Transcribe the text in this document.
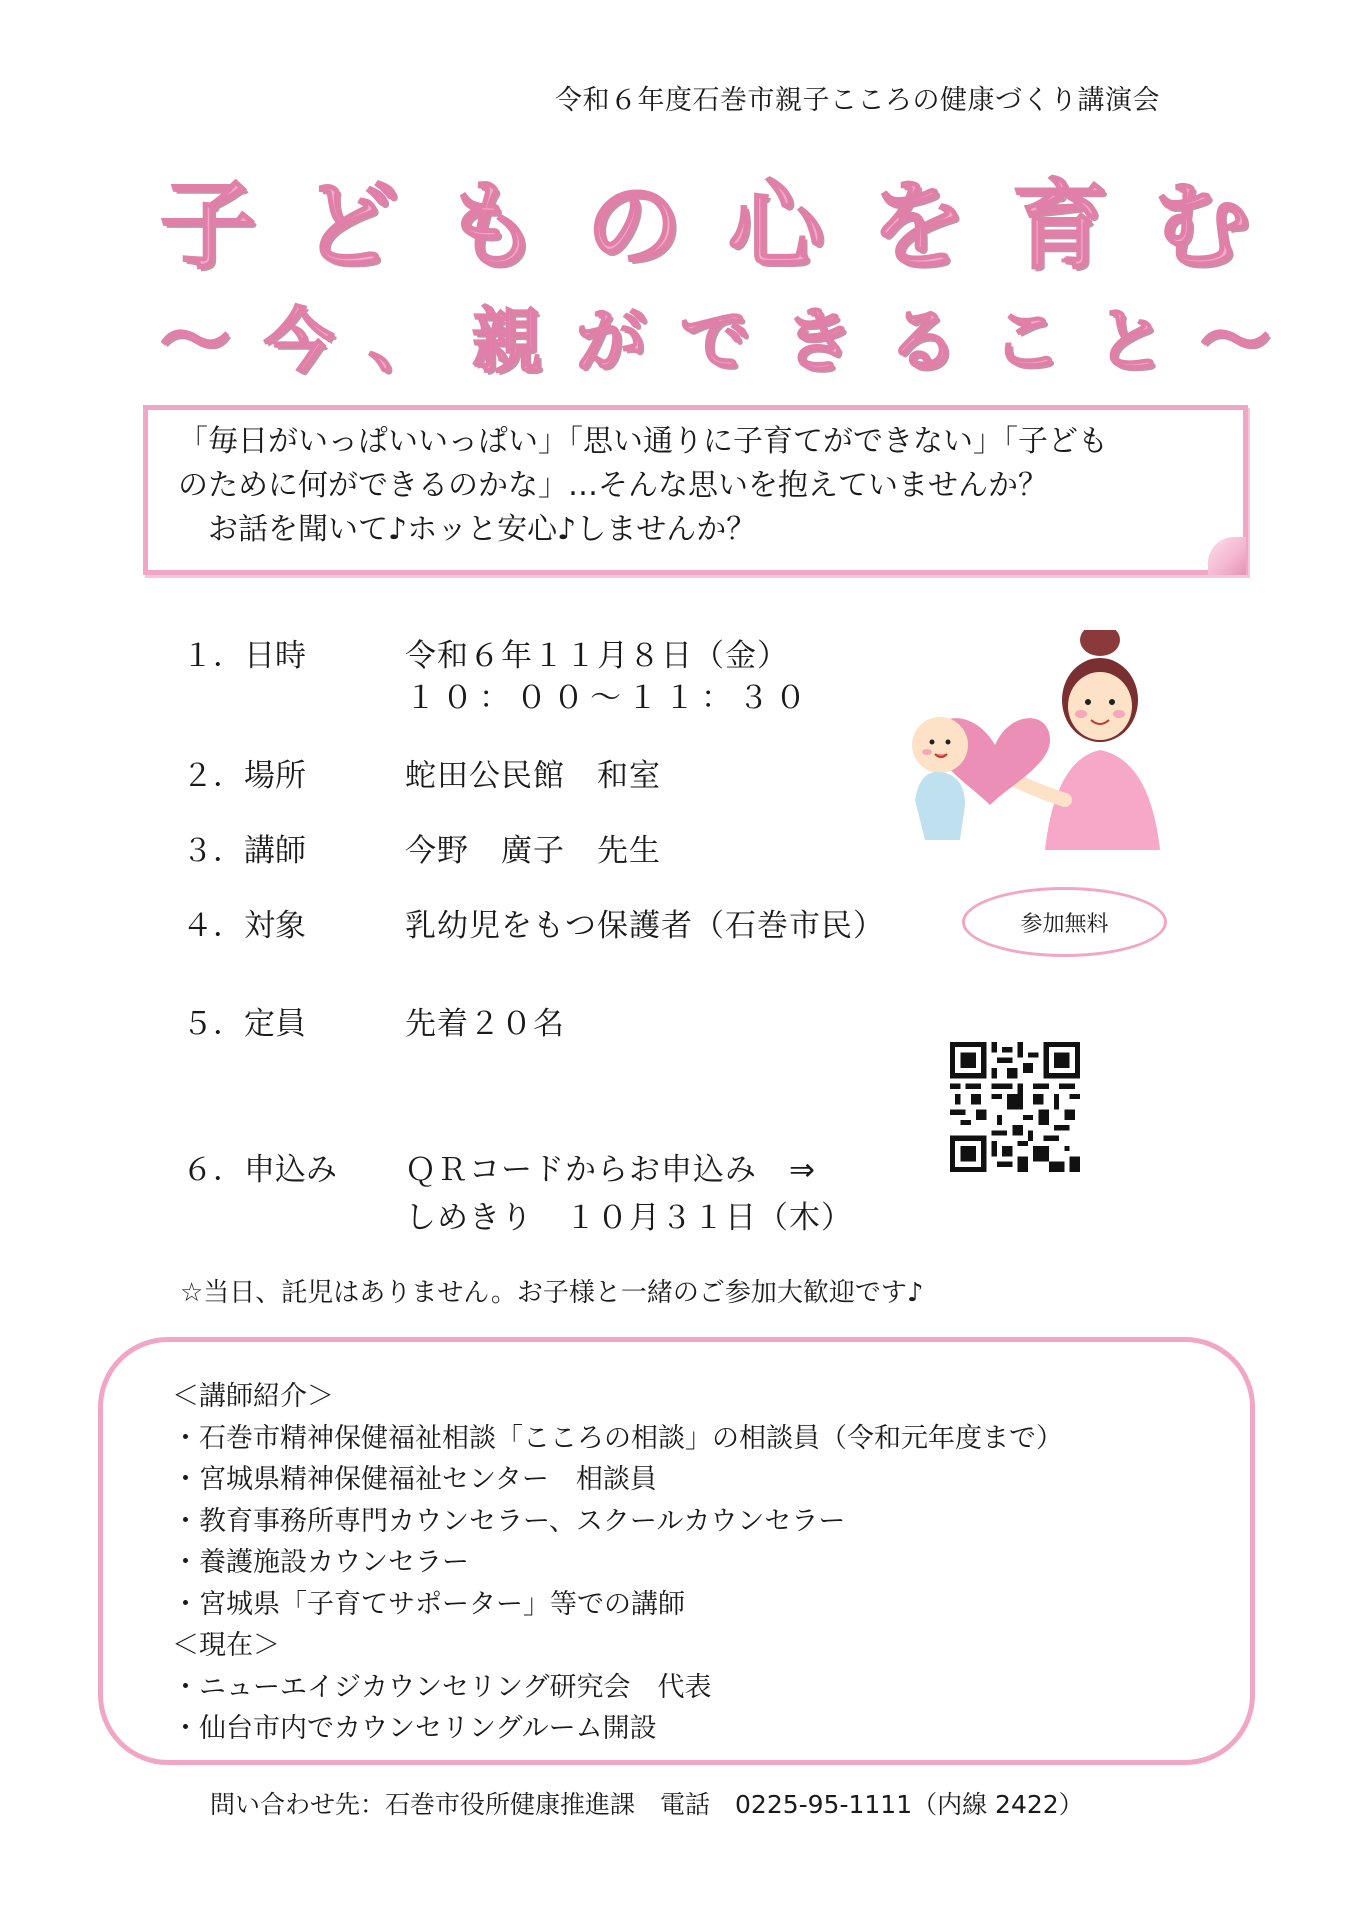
令和６年度石巻市親子こころの健康づくり講演会
子どもの心を育む
〜今、親ができること〜
「毎日がいっぱいいっぱい」「思い通りに子育てができない」「子ども
のために何ができるのかな」…そんな思いを抱えていませんか？
お話を聞いて♪ホッと安心♪しませんか？
１．日時	令和６年１１月８日（金）
１０：００〜１１：３０
２．場所	蛇田公民館　和室
３．講師	今野　廣子　先生
４．対象	乳幼児をもつ保護者（石巻市民）	参加無料
５．定員	先着２０名
６．申込み ＱＲコードからお申込み　⇒
しめきり　１０月３１日（木）
☆当日、託児はありません。お子様と一緒のご参加大歓迎です♪
＜講師紹介＞
・石巻市精神保健福祉相談「こころの相談」の相談員（令和元年度まで）
・宮城県精神保健福祉センター　相談員
・教育事務所専門カウンセラー、スクールカウンセラー
・養護施設カウンセラー
・宮城県「子育てサポーター」等での講師
＜現在＞
・ニューエイジカウンセリング研究会　代表
・仙台市内でカウンセリングルーム開設
問い合わせ先：石巻市役所健康推進課　電話　0225-95-1111（内線 2422）
